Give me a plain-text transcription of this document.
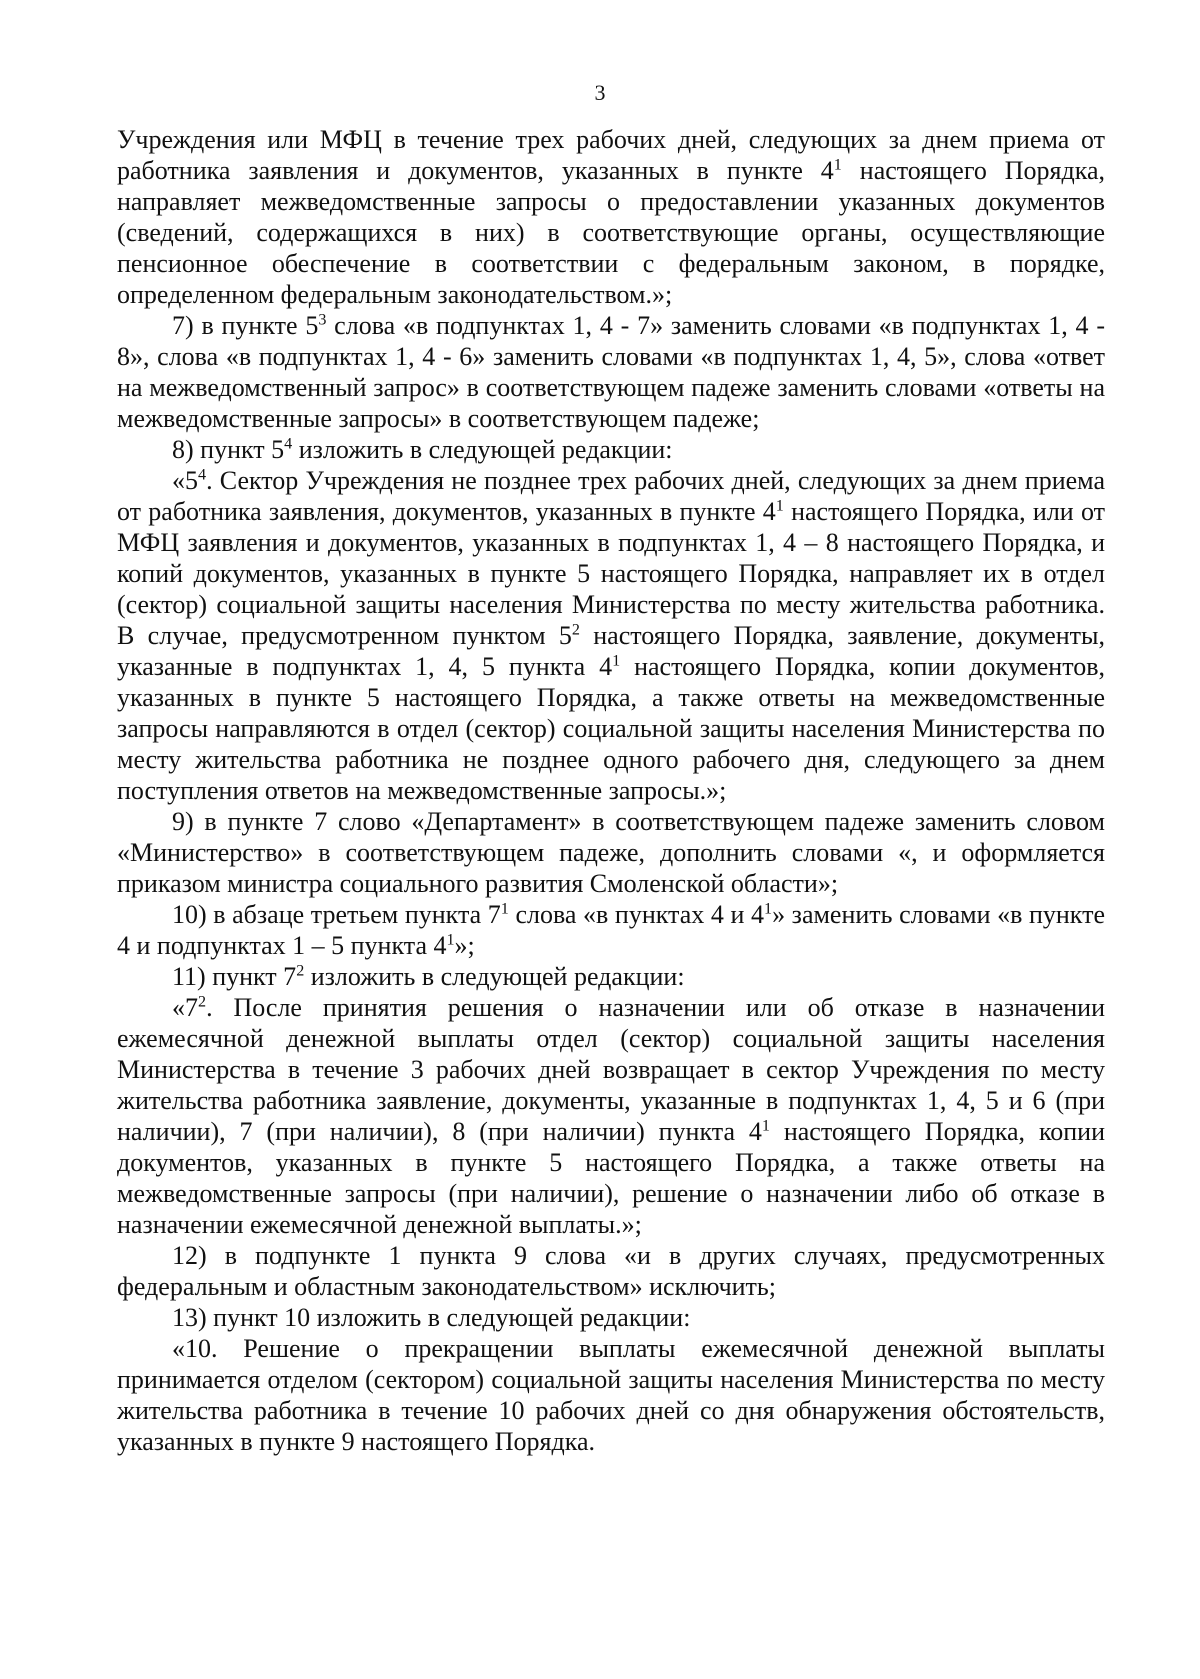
3

Учреждения или МФЦ в течение трех рабочих дней, следующих за днем приема от работника заявления и документов, указанных в пункте $4^1$ настоящего Порядка, направляет межведомственные запросы о предоставлении указанных документов (сведений, содержащихся в них) в соответствующие органы, осуществляющие пенсионное обеспечение в соответствии с федеральным законом, в порядке, определенном федеральным законодательством.»;

7) в пункте $5^3$ слова «в подпунктах 1, 4 - 7» заменить словами «в подпунктах 1, 4 - 8», слова «в подпунктах 1, 4 - 6» заменить словами «в подпунктах 1, 4, 5», слова «ответ на межведомственный запрос» в соответствующем падеже заменить словами «ответы на межведомственные запросы» в соответствующем падеже;

8) пункт $5^4$ изложить в следующей редакции:

«$5^4$. Сектор Учреждения не позднее трех рабочих дней, следующих за днем приема от работника заявления, документов, указанных в пункте $4^1$ настоящего Порядка, или от МФЦ заявления и документов, указанных в подпунктах 1, 4 – 8 настоящего Порядка, и копий документов, указанных в пункте 5 настоящего Порядка, направляет их в отдел (сектор) социальной защиты населения Министерства по месту жительства работника. В случае, предусмотренном пунктом $5^2$ настоящего Порядка, заявление, документы, указанные в подпунктах 1, 4, 5 пункта $4^1$ настоящего Порядка, копии документов, указанных в пункте 5 настоящего Порядка, а также ответы на межведомственные запросы направляются в отдел (сектор) социальной защиты населения Министерства по месту жительства работника не позднее одного рабочего дня, следующего за днем поступления ответов на межведомственные запросы.»;

9) в пункте 7 слово «Департамент» в соответствующем падеже заменить словом «Министерство» в соответствующем падеже, дополнить словами «, и оформляется приказом министра социального развития Смоленской области»;

10) в абзаце третьем пункта $7^1$ слова «в пунктах 4 и $4^1$» заменить словами «в пункте 4 и подпунктах 1 – 5 пункта $4^1$»;

11) пункт $7^2$ изложить в следующей редакции:

«$7^2$. После принятия решения о назначении или об отказе в назначении ежемесячной денежной выплаты отдел (сектор) социальной защиты населения Министерства в течение 3 рабочих дней возвращает в сектор Учреждения по месту жительства работника заявление, документы, указанные в подпунктах 1, 4, 5 и 6 (при наличии), 7 (при наличии), 8 (при наличии) пункта $4^1$ настоящего Порядка, копии документов, указанных в пункте 5 настоящего Порядка, а также ответы на межведомственные запросы (при наличии), решение о назначении либо об отказе в назначении ежемесячной денежной выплаты.»;

12) в подпункте 1 пункта 9 слова «и в других случаях, предусмотренных федеральным и областным законодательством» исключить;

13) пункт 10 изложить в следующей редакции:

«10. Решение о прекращении выплаты ежемесячной денежной выплаты принимается отделом (сектором) социальной защиты населения Министерства по месту жительства работника в течение 10 рабочих дней со дня обнаружения обстоятельств, указанных в пункте 9 настоящего Порядка.
